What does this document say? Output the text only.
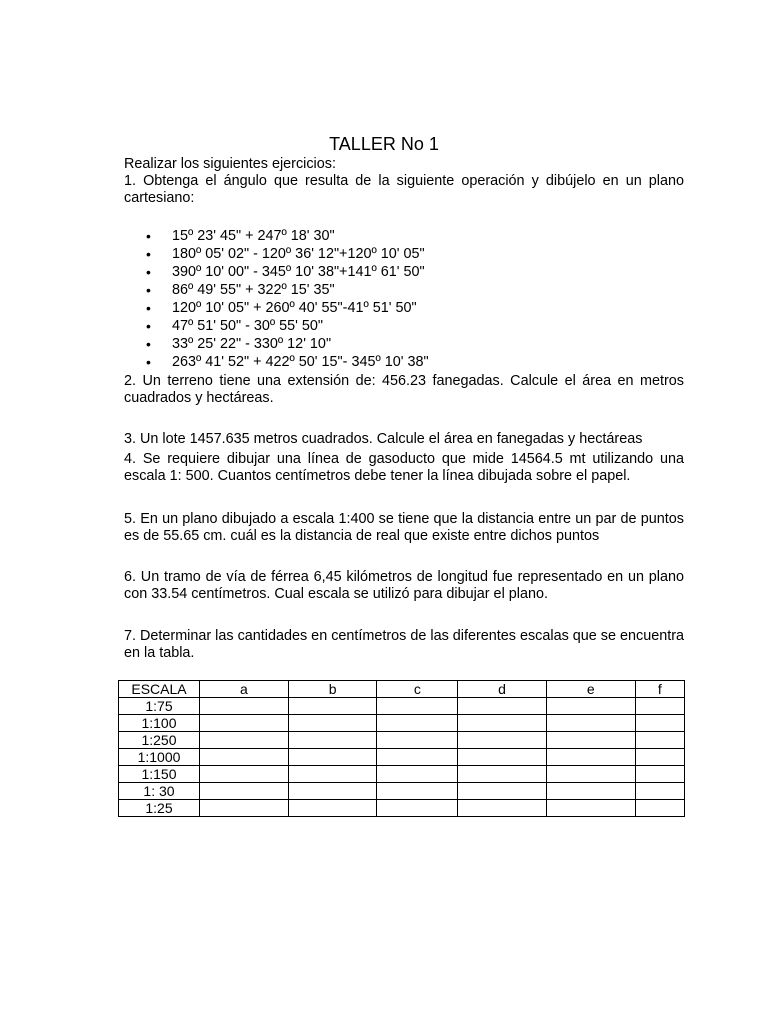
TALLER No 1
Realizar los siguientes ejercicios:
1. Obtenga el ángulo que resulta de la siguiente operación y dibújelo en un plano cartesiano:
• 15º 23' 45" + 247º 18' 30"
• 180º 05' 02" - 120º 36' 12"+120º 10' 05"
• 390º 10' 00" - 345º 10' 38"+141º 61' 50"
• 86º 49' 55" + 322º 15' 35"
• 120º 10' 05" + 260º 40' 55"-41º 51' 50"
• 47º 51' 50" - 30º 55' 50"
• 33º 25' 22" - 330º 12' 10"
• 263º 41' 52" + 422º 50' 15"- 345º 10' 38"
2. Un terreno tiene una extensión de: 456.23 fanegadas. Calcule el área en metros cuadrados y hectáreas.
3. Un lote 1457.635 metros cuadrados. Calcule el área en fanegadas y hectáreas
4. Se requiere dibujar una línea de gasoducto que mide 14564.5 mt utilizando una escala 1: 500. Cuantos centímetros debe tener la línea dibujada sobre el papel.
5. En un plano dibujado a escala 1:400 se tiene que la distancia entre un par de puntos es de 55.65 cm. cuál es la distancia de real que existe entre dichos puntos
6. Un tramo de vía de férrea 6,45 kilómetros de longitud fue representado en un plano con 33.54 centímetros. Cual escala se utilizó para dibujar el plano.
7. Determinar las cantidades en centímetros de las diferentes escalas que se encuentra en la tabla.
ESCALA	a	b	c	d	e	f
1:75						
1:100						
1:250						
1:1000						
1:150						
1: 30						
1:25						
